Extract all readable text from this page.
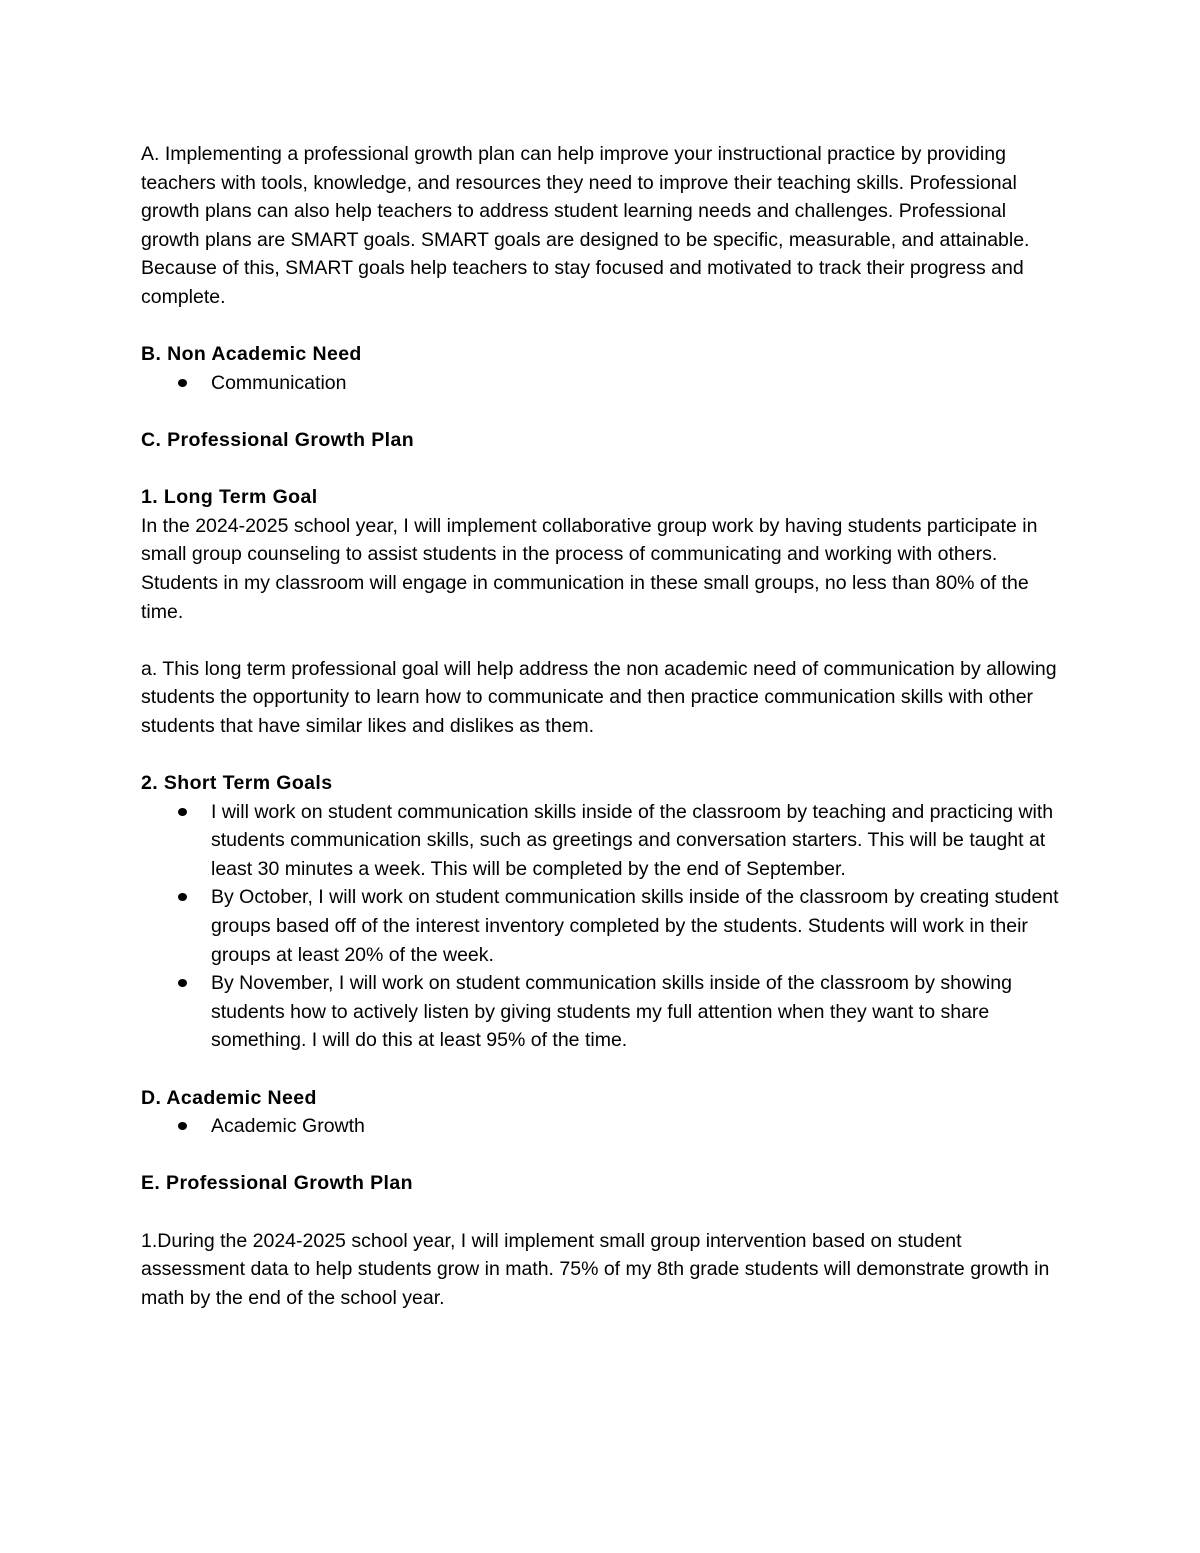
A. Implementing a professional growth plan can help improve your instructional practice by providing teachers with tools, knowledge, and resources they need to improve their teaching skills. Professional growth plans can also help teachers to address student learning needs and challenges. Professional growth plans are SMART goals. SMART goals are designed to be specific, measurable, and attainable. Because of this, SMART goals help teachers to stay focused and motivated to track their progress and complete.

B. Non Academic Need

Communication

C. Professional Growth Plan

1. Long Term Goal

In the 2024-2025 school year, I will implement collaborative group work by having students participate in small group counseling to assist students in the process of communicating and working with others. Students in my classroom will engage in communication in these small groups, no less than 80% of the time.

a. This long term professional goal will help address the non academic need of communication by allowing students the opportunity to learn how to communicate and then practice communication skills with other students that have similar likes and dislikes as them.

2. Short Term Goals

I will work on student communication skills inside of the classroom by teaching and practicing with students communication skills, such as greetings and conversation starters. This will be taught at least 30 minutes a week. This will be completed by the end of September.
By October, I will work on student communication skills inside of the classroom by creating student groups based off of the interest inventory completed by the students. Students will work in their groups at least 20% of the week.
By November, I will work on student communication skills inside of the classroom by showing students how to actively listen by giving students my full attention when they want to share something. I will do this at least 95% of the time.

D. Academic Need

Academic Growth

E. Professional Growth Plan

1.During the 2024-2025 school year, I will implement small group intervention based on student assessment data to help students grow in math. 75% of my 8th grade students will demonstrate growth in math by the end of the school year.
